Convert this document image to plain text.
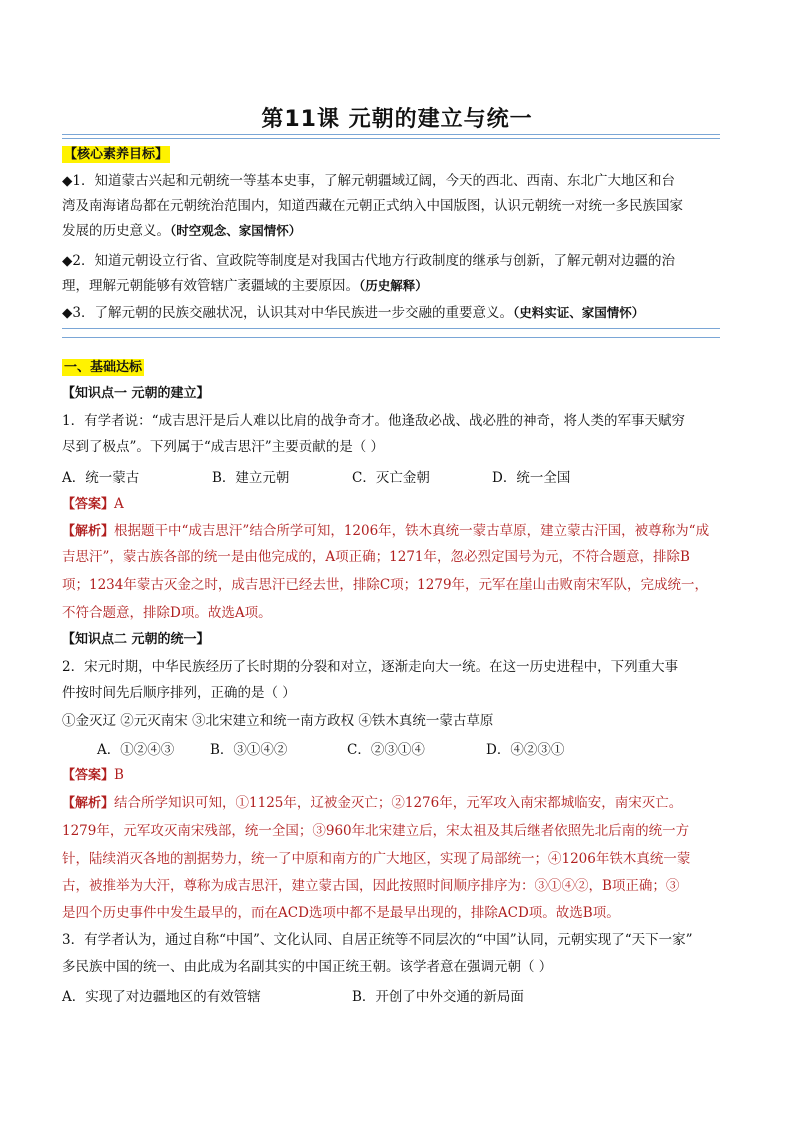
第11课 元朝的建立与统一
【核心素养目标】
◆1．知道蒙古兴起和元朝统一等基本史事，了解元朝疆域辽阔，今天的西北、西南、东北广大地区和台
湾及南海诸岛都在元朝统治范围内，知道西藏在元朝正式纳入中国版图，认识元朝统一对统一多民族国家
发展的历史意义。（时空观念、家国情怀）
◆2．知道元朝设立行省、宣政院等制度是对我国古代地方行政制度的继承与创新，了解元朝对边疆的治
理，理解元朝能够有效管辖广袤疆域的主要原因。（历史解释）
◆3．了解元朝的民族交融状况，认识其对中华民族进一步交融的重要意义。（史料实证、家国情怀）
一、基础达标
【知识点一 元朝的建立】
1．有学者说：“成吉思汗是后人难以比肩的战争奇才。他逢敌必战、战必胜的神奇，将人类的军事天赋穷
尽到了极点”。下列属于“成吉思汗”主要贡献的是（ ）
A．统一蒙古	B．建立元朝	C．灭亡金朝	D．统一全国
【答案】A
【解析】根据题干中“成吉思汗”结合所学可知，1206年，铁木真统一蒙古草原，建立蒙古汗国，被尊称为“成
吉思汗”，蒙古族各部的统一是由他完成的，A项正确；1271年，忽必烈定国号为元，不符合题意，排除B
项；1234年蒙古灭金之时，成吉思汗已经去世，排除C项；1279年，元军在崖山击败南宋军队，完成统一，
不符合题意，排除D项。故选A项。
【知识点二 元朝的统一】
2．宋元时期，中华民族经历了长时期的分裂和对立，逐渐走向大一统。在这一历史进程中，下列重大事
件按时间先后顺序排列，正确的是（ ）
①金灭辽 ②元灭南宋 ③北宋建立和统一南方政权 ④铁木真统一蒙古草原
A．①②④③	B．③①④②	C．②③①④	D．④②③①
【答案】B
【解析】结合所学知识可知，①1125年，辽被金灭亡；②1276年，元军攻入南宋都城临安，南宋灭亡。
1279年，元军攻灭南宋残部，统一全国；③960年北宋建立后，宋太祖及其后继者依照先北后南的统一方
针，陆续消灭各地的割据势力，统一了中原和南方的广大地区，实现了局部统一；④1206年铁木真统一蒙
古，被推举为大汗，尊称为成吉思汗，建立蒙古国，因此按照时间顺序排序为：③①④②，B项正确；③
是四个历史事件中发生最早的，而在ACD选项中都不是最早出现的，排除ACD项。故选B项。
3．有学者认为，通过自称“中国”、文化认同、自居正统等不同层次的“中国”认同，元朝实现了“天下一家”
多民族中国的统一、由此成为名副其实的中国正统王朝。该学者意在强调元朝（ ）
A．实现了对边疆地区的有效管辖	B．开创了中外交通的新局面
